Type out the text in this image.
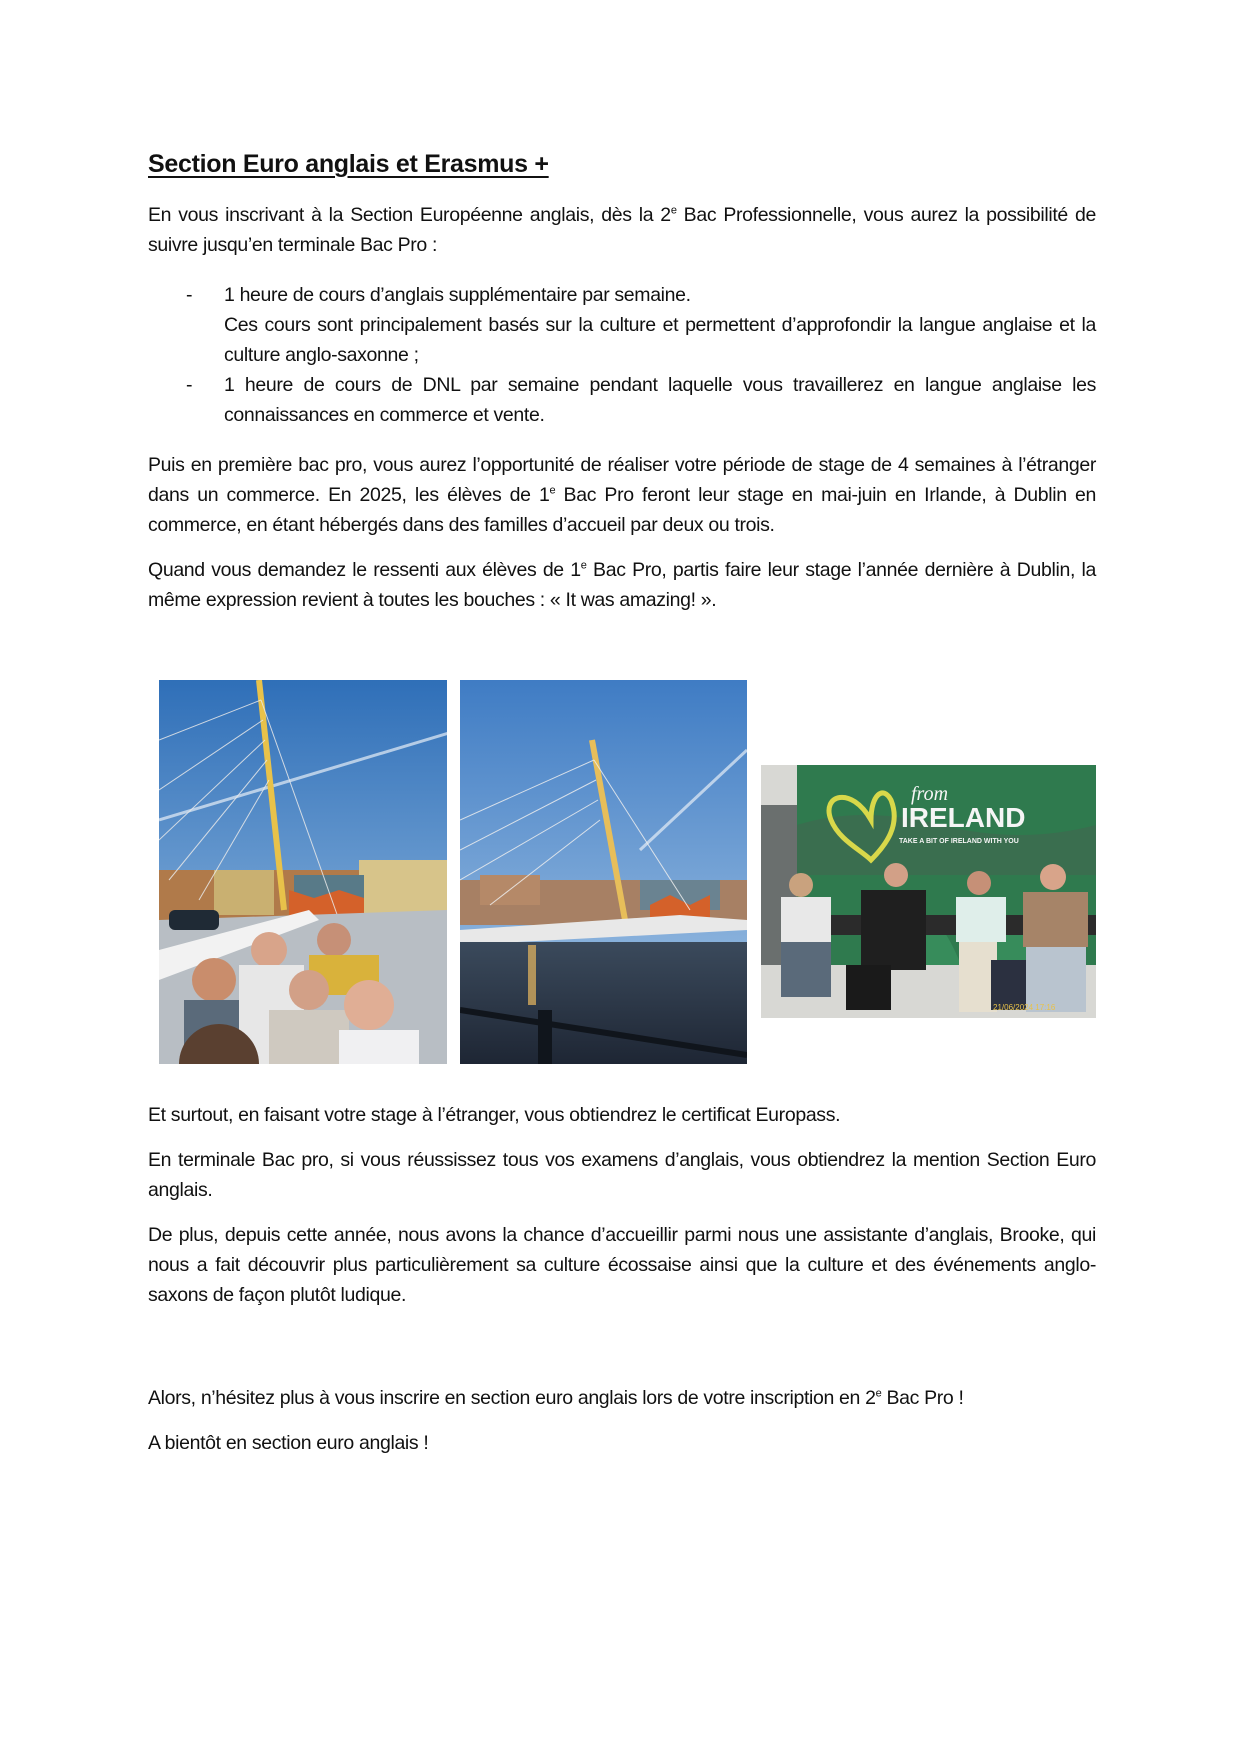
Section Euro anglais et Erasmus +

En vous inscrivant à la Section Européenne anglais, dès la 2e Bac Professionnelle, vous aurez la possibilité de suivre jusqu’en terminale Bac Pro :

- 1 heure de cours d’anglais supplémentaire par semaine.
Ces cours sont principalement basés sur la culture et permettent d’approfondir la langue anglaise et la culture anglo-saxonne ;
- 1 heure de cours de DNL par semaine pendant laquelle vous travaillerez en langue anglaise les connaissances en commerce et vente.

Puis en première bac pro, vous aurez l’opportunité de réaliser votre période de stage de 4 semaines à l’étranger dans un commerce. En 2025, les élèves de 1e Bac Pro feront leur stage en mai-juin en Irlande, à Dublin en commerce, en étant hébergés dans des familles d’accueil par deux ou trois.

Quand vous demandez le ressenti aux élèves de 1e Bac Pro, partis faire leur stage l’année dernière à Dublin, la même expression revient à toutes les bouches : « It was amazing! ».

from
IRELAND
TAKE A BIT OF IRELAND WITH YOU
21/06/2024 17:16

Et surtout, en faisant votre stage à l’étranger, vous obtiendrez le certificat Europass.

En terminale Bac pro, si vous réussissez tous vos examens d’anglais, vous obtiendrez la mention Section Euro anglais.

De plus, depuis cette année, nous avons la chance d’accueillir parmi nous une assistante d’anglais, Brooke, qui nous a fait découvrir plus particulièrement sa culture écossaise ainsi que la culture et des événements anglo-saxons de façon plutôt ludique.

Alors, n’hésitez plus à vous inscrire en section euro anglais lors de votre inscription en 2e Bac Pro !

A bientôt en section euro anglais !
